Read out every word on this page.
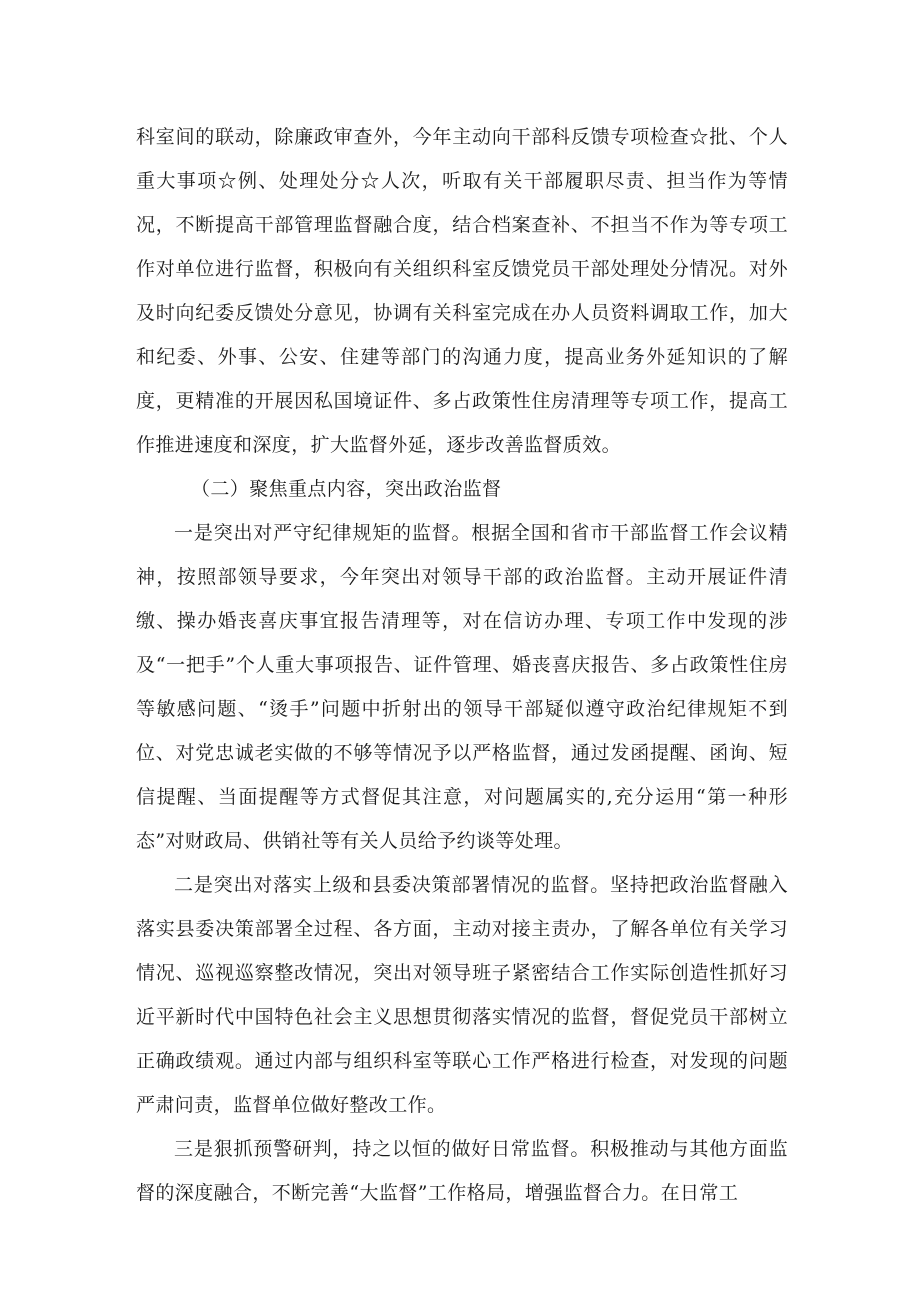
科室间的联动，除廉政审查外，今年主动向干部科反馈专项检查☆批、个人重大事项☆例、处理处分☆人次，听取有关干部履职尽责、担当作为等情况，不断提高干部管理监督融合度，结合档案查补、不担当不作为等专项工作对单位进行监督，积极向有关组织科室反馈党员干部处理处分情况。对外及时向纪委反馈处分意见，协调有关科室完成在办人员资料调取工作，加大和纪委、外事、公安、住建等部门的沟通力度，提高业务外延知识的了解度，更精准的开展因私国境证件、多占政策性住房清理等专项工作，提高工作推进速度和深度，扩大监督外延，逐步改善监督质效。

（二）聚焦重点内容，突出政治监督

一是突出对严守纪律规矩的监督。根据全国和省市干部监督工作会议精神，按照部领导要求，今年突出对领导干部的政治监督。主动开展证件清缴、操办婚丧喜庆事宜报告清理等，对在信访办理、专项工作中发现的涉及“一把手”个人重大事项报告、证件管理、婚丧喜庆报告、多占政策性住房等敏感问题、“烫手”问题中折射出的领导干部疑似遵守政治纪律规矩不到位、对党忠诚老实做的不够等情况予以严格监督，通过发函提醒、函询、短信提醒、当面提醒等方式督促其注意，对问题属实的,充分运用“第一种形态”对财政局、供销社等有关人员给予约谈等处理。

二是突出对落实上级和县委决策部署情况的监督。坚持把政治监督融入落实县委决策部署全过程、各方面，主动对接主责办，了解各单位有关学习情况、巡视巡察整改情况，突出对领导班子紧密结合工作实际创造性抓好习近平新时代中国特色社会主义思想贯彻落实情况的监督，督促党员干部树立正确政绩观。通过内部与组织科室等联心工作严格进行检查，对发现的问题严肃问责，监督单位做好整改工作。

三是狠抓预警研判，持之以恒的做好日常监督。积极推动与其他方面监督的深度融合，不断完善“大监督”工作格局，增强监督合力。在日常工
